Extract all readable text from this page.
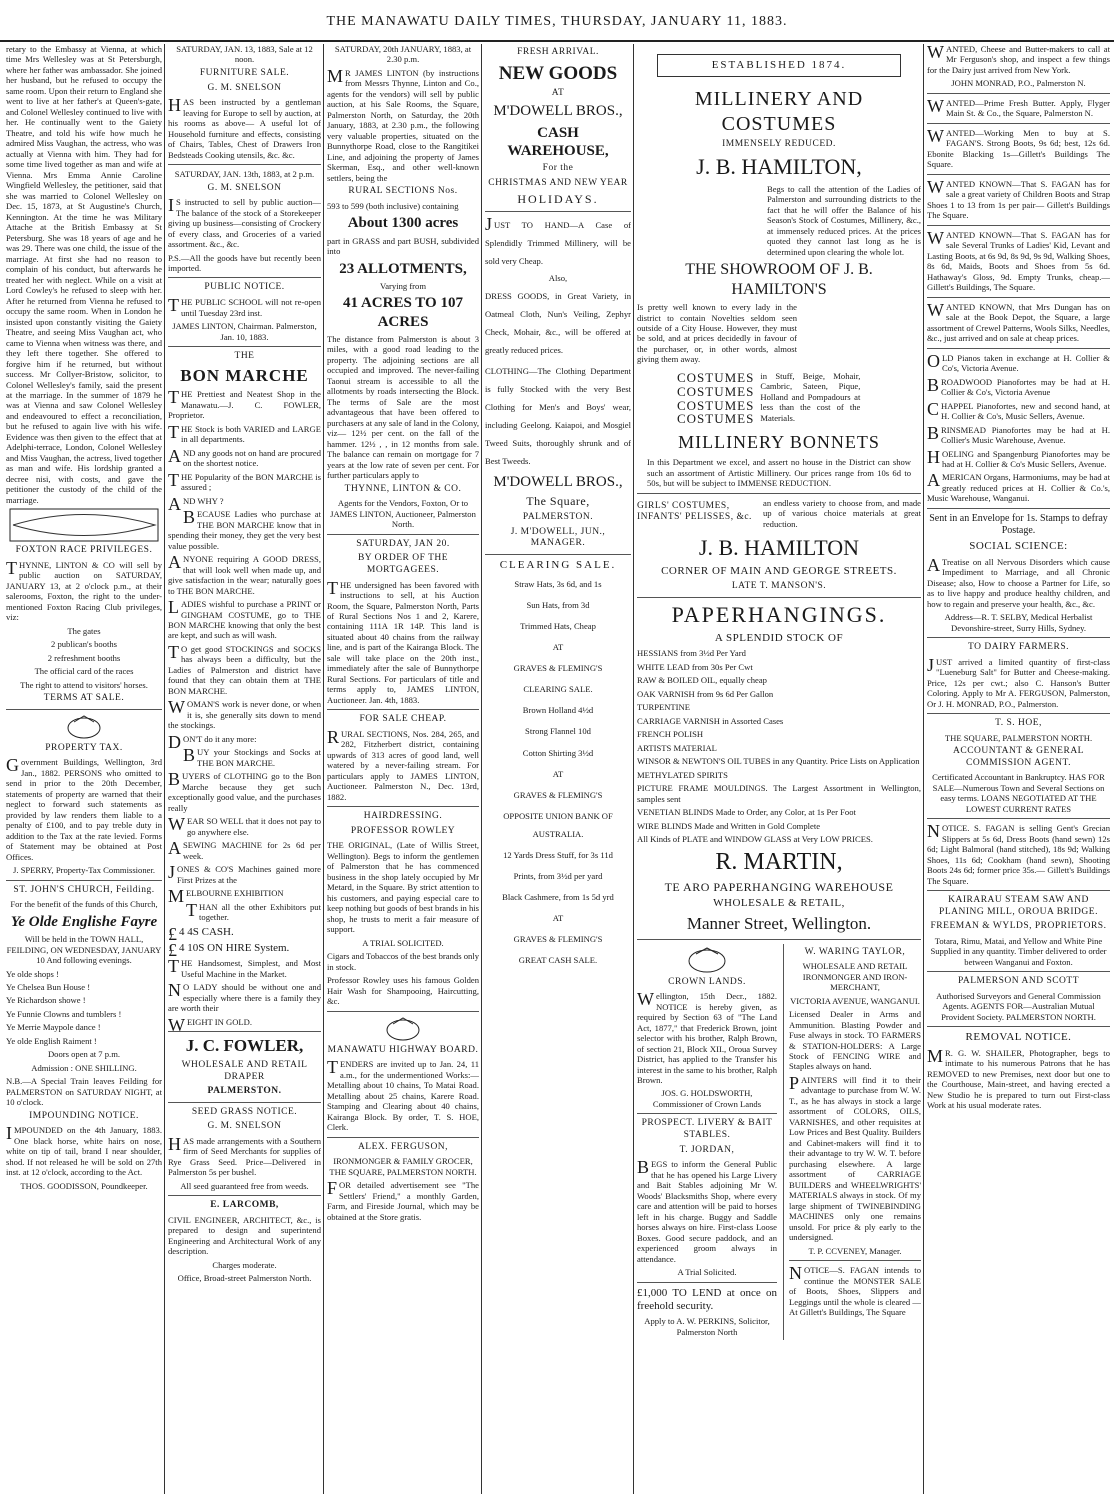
THE MANAWATU DAILY TIMES, THURSDAY, JANUARY 11, 1883.

retary to the Embassy at Vienna, at which time Mrs Wellesley was at St Petersburgh, where her father was ambassador. She joined her husband, but he refused to occupy the same room. Upon their return to England she went to live at her father's at Queen's-gate, and Colonel Wellesley continued to live with her. He continually went to the Gaiety Theatre, and told his wife how much he admired Miss Vaughan, the actress, who was actually at Vienna with him. They had for some time lived together as man and wife at Vienna. Mrs Emma Annie Caroline Wingfield Wellesley, the petitioner, said that she was married to Colonel Wellesley on Dec. 15, 1873, at St Augustine's Church, Kennington. At the time he was Military Attache at the British Embassy at St Petersburg. She was 18 years of age and he was 29. There was one child, the issue of the marriage. At first she had no reason to complain of his conduct, but afterwards he treated her with neglect. While on a visit at Lord Cowley's he refused to sleep with her. After he returned from Vienna he refused to occupy the same room. When in London he insisted upon constantly visiting the Gaiety Theatre, and seeing Miss Vaughan act, who came to Vienna when witness was there, and they left there together. She offered to forgive him if he returned, but without success. Mr Collyer-Bristow, solicitor, to Colonel Wellesley's family, said the present at the marriage. In the summer of 1879 he was at Vienna and saw Colonel Wellesley and endeavoured to effect a reconciliation, but he refused to again live with his wife. Evidence was then given to the effect that at Adelphi-terrace, London, Colonel Wellesley and Miss Vaughan, the actress, lived together as man and wife. His lordship granted a decree nisi, with costs, and gave the petitioner the custody of the child of the marriage.

FOXTON RACE PRIVILEGES.

THYNNE, LINTON & CO will sell by public auction on SATURDAY, JANUARY 13, at 2 o'clock p.m., at their salerooms, Foxton, the right to the under-mentioned Foxton Racing Club privileges, viz:

The gates

2 publican's booths

2 refreshment booths

The official card of the races

The right to attend to visitors' horses.

TERMS AT SALE.
PROPERTY TAX.

Government Buildings, Wellington, 3rd Jan., 1882. PERSONS who omitted to send in prior to the 20th December, statements of property are warned that their neglect to forward such statements as provided by law renders them liable to a penalty of £100, and to pay treble duty in addition to the Tax at the rate levied. Forms of Statement may be obtained at Post Offices.

J. SPERRY, Property-Tax Commissioner.

ST. JOHN'S CHURCH, Feilding.

For the benefit of the funds of this Church,

Ye Olde Englishe Fayre

Will be held in the TOWN HALL, FEILDING, ON WEDNESDAY, JANUARY 10 And following evenings.

Ye olde shops !

Ye Chelsea Bun House !

Ye Richardson showe !

Ye Funnie Clowns and tumblers !

Ye Merrie Maypole dance !

Ye olde English Raiment !

Doors open at 7 p.m.

Admission : ONE SHILLING.

N.B.—A Special Train leaves Feilding for PALMERSTON on SATURDAY NIGHT, at 10 o'clock.

IMPOUNDING NOTICE.

IMPOUNDED on the 4th January, 1883. One black horse, white hairs on nose, white on tip of tail, brand I near shoulder, shod. If not released he will be sold on 27th inst. at 12 o'clock, according to the Act.

THOS. GOODISSON, Poundkeeper.

SATURDAY, JAN. 13, 1883, Sale at 12 noon.

FURNITURE SALE.
G. M. SNELSON

HAS been instructed by a gentleman leaving for Europe to sell by auction, at his rooms as above— A useful lot of Household furniture and effects, consisting of Chairs, Tables, Chest of Drawers Iron Bedsteads Cooking utensils, &c. &c.

SATURDAY, JAN. 13th, 1883, at 2 p.m.

G. M. SNELSON

IS instructed to sell by public auction— The balance of the stock of a Storekeeper giving up business—consisting of Crockery of every class, and Groceries of a varied assortment. &c., &c.

P.S.—All the goods have but recently been imported.

PUBLIC NOTICE.

THE PUBLIC SCHOOL will not re-open until Tuesday 23rd inst.

JAMES LINTON, Chairman. Palmerston, Jan. 10, 1883.

THE
BON MARCHE

THE Prettiest and Neatest Shop in the Manawatu.—J. C. FOWLER, Proprietor.

THE Stock is both VARIED and LARGE in all departments.

AND any goods not on hand are procured on the shortest notice.

THE Popularity of the BON MARCHE is assured ;

AND WHY ?

BECAUSE Ladies who purchase at THE BON MARCHE know that in spending their money, they get the very best value possible.

ANYONE requiring A GOOD DRESS, that will look well when made up, and give satisfaction in the wear; naturally goes to THE BON MARCHE.

LADIES wishful to purchase a PRINT or GINGHAM COSTUME, go to THE BON MARCHE knowing that only the best are kept, and such as will wash.

TO get good STOCKINGS and SOCKS has always been a difficulty, but the Ladies of Palmerston and district have found that they can obtain them at THE BON MARCHE.

WOMAN'S work is never done, or when it is, she generally sits down to mend the stockings.

DON'T do it any more:

BUY your Stockings and Socks at THE BON MARCHE.

BUYERS of CLOTHING go to the Bon Marche because they get such exceptionally good value, and the purchases really

WEAR SO WELL that it does not pay to go anywhere else.

ASEWING MACHINE for 2s 6d per week.

JONES & CO'S Machines gained more First Prizes at the

MELBOURNE EXHIBITION

THAN all the other Exhibitors put together.

£4 4S CASH.

£4 10S ON HIRE System.

THE Handsomest, Simplest, and Most Useful Machine in the Market.

NO LADY should be without one and especially where there is a family they are worth their

WEIGHT IN GOLD.

J. C. FOWLER,
WHOLESALE AND RETAIL DRAPER
PALMERSTON.
SEED GRASS NOTICE.
G. M. SNELSON

HAS made arrangements with a Southern firm of Seed Merchants for supplies of Rye Grass Seed. Price—Delivered in Palmerston 5s per bushel.

All seed guaranteed free from weeds.

E. LARCOMB,

CIVIL ENGINEER, ARCHITECT, &c., is prepared to design and superintend Engineering and Architectural Work of any description.

Charges moderate.

Office, Broad-street Palmerston North.

SATURDAY, 20th JANUARY, 1883, at 2.30 p.m.

MR JAMES LINTON (by instructions from Messrs Thynne, Linton and Co., agents for the vendors) will sell by public auction, at his Sale Rooms, the Square, Palmerston North, on Saturday, the 20th January, 1883, at 2.30 p.m., the following very valuable properties, situated on the Bunnythorpe Road, close to the Rangitikei Line, and adjoining the property of James Skerman, Esq., and other well-known settlers, being the

RURAL SECTIONS Nos.

593 to 599 (both inclusive) containing

About 1300 acres

part in GRASS and part BUSH, subdivided into

23 ALLOTMENTS,

Varying from

41 ACRES TO 107 ACRES

The distance from Palmerston is about 3 miles, with a good road leading to the property. The adjoining sections are all occupied and improved. The never-failing Taonui stream is accessible to all the allotments by roads intersecting the Block. The terms of Sale are the most advantageous that have been offered to purchasers at any sale of land in the Colony, viz— 12½ per cent. on the fall of the hammer. 12½ , , in 12 months from sale. The balance can remain on mortgage for 7 years at the low rate of seven per cent. For further particulars apply to

THYNNE, LINTON & CO.

Agents for the Vendors, Foxton, Or to JAMES LINTON, Auctioneer, Palmerston North.

SATURDAY, JAN 20.
BY ORDER OF THE MORTGAGEES.

THE undersigned has been favored with instructions to sell, at his Auction Room, the Square, Palmerston North, Parts of Rural Sections Nos 1 and 2, Karere, containing 111A 1R 14P. This land is situated about 40 chains from the railway line, and is part of the Kairanga Block. The sale will take place on the 20th inst., immediately after the sale of Bunnythorpe Rural Sections. For particulars of title and terms apply to, JAMES LINTON, Auctioneer. Jan. 4th, 1883.

FOR SALE CHEAP.

RURAL SECTIONS, Nos. 284, 265, and 282, Fitzherbert district, containing upwards of 313 acres of good land, well watered by a never-failing stream. For particulars apply to JAMES LINTON, Auctioneer. Palmerston N., Dec. 13rd, 1882.

HAIRDRESSING.
PROFESSOR ROWLEY

THE ORIGINAL, (Late of Willis Street, Wellington). Begs to inform the gentlemen of Palmerston that he has commenced business in the shop lately occupied by Mr Metard, in the Square. By strict attention to his customers, and paying especial care to keep nothing but goods of best brands in his shop, he trusts to merit a fair measure of support.

A TRIAL SOLICITED.

Cigars and Tobaccos of the best brands only in stock.

Professor Rowley uses his famous Golden Hair Wash for Shampooing, Haircutting, &c.

MANAWATU HIGHWAY BOARD.

TENDERS are invited up to Jan. 24, 11 a.m., for the undermentioned Works:— Metalling about 10 chains, To Matai Road. Metalling about 25 chains, Karere Road. Stamping and Clearing about 40 chains, Kairanga Block. By order, T. S. HOE, Clerk.

ALEX. FERGUSON,

IRONMONGER & FAMILY GROCER, THE SQUARE, PALMERSTON NORTH.

FOR detailed advertisement see "The Settlers' Friend," a monthly Garden, Farm, and Fireside Journal, which may be obtained at the Store gratis.

FRESH ARRIVAL.
NEW GOODS
AT
M'DOWELL BROS.,
CASH WAREHOUSE,
For the
CHRISTMAS AND NEW YEAR
HOLIDAYS.

JUST TO HAND—A Case of Splendidly Trimmed Millinery, will be sold very Cheap.

Also,

DRESS GOODS, in Great Variety, in Oatmeal Cloth, Nun's Veiling, Zephyr Check, Mohair, &c., will be offered at greatly reduced prices.

CLOTHING—The Clothing Department is fully Stocked with the very Best Clothing for Men's and Boys' wear, including Geelong. Kaiapoi, and Mosgiel Tweed Suits, thoroughly shrunk and of Best Tweeds.

M'DOWELL BROS.,
The Square,
PALMERSTON.
J. M'DOWELL, JUN., MANAGER.
CLEARING SALE.

Straw Hats, 3s 6d, and 1s

Sun Hats, from 3d

Trimmed Hats, Cheap

AT

GRAVES & FLEMING'S

CLEARING SALE.

Brown Holland 4½d

Strong Flannel 10d

Cotton Shirting 3½d

AT

GRAVES & FLEMING'S

OPPOSITE UNION BANK OF AUSTRALIA.

12 Yards Dress Stuff, for 3s 11d

Prints, from 3½d per yard

Black Cashmere, from 1s 5d yrd

AT

GRAVES & FLEMING'S

GREAT CASH SALE.

ESTABLISHED 1874.
MILLINERY AND COSTUMES
IMMENSELY REDUCED.
J. B. HAMILTON,

Begs to call the attention of the Ladies of Palmerston and surrounding districts to the fact that he will offer the Balance of his Season's Stock of Costumes, Millinery, &c., at immensely reduced prices. At the prices quoted they cannot last long as he is determined upon clearing the whole lot.

THE SHOWROOM OF J. B. HAMILTON'S

Is pretty well known to every lady in the district to contain Novelties seldom seen outside of a City House. However, they must be sold, and at prices decidedly in favour of the purchaser, or, in other words, almost giving them away.

COSTUMES
COSTUMES
COSTUMES
COSTUMES

in Stuff, Beige, Mohair, Cambric, Sateen, Pique, Holland and Pompadours at less than the cost of the Materials.

MILLINERY BONNETS

In this Department we excel, and assert no house in the District can show such an assortment of Artistic Millinery. Our prices range from 10s 6d to 50s, but will be subject to IMMENSE REDUCTION.

GIRLS' COSTUMES, INFANTS' PELISSES, &c.

an endless variety to choose from, and made up of various choice materials at great reduction.

J. B. HAMILTON
CORNER OF MAIN AND GEORGE STREETS.
LATE T. MANSON'S.
PAPERHANGINGS.
A SPLENDID STOCK OF

HESSIANS from 3½d Per Yard

WHITE LEAD from 30s Per Cwt

RAW & BOILED OIL, equally cheap

OAK VARNISH from 9s 6d Per Gallon

TURPENTINE

CARRIAGE VARNISH in Assorted Cases

FRENCH POLISH

ARTISTS MATERIAL

WINSOR & NEWTON'S OIL TUBES in any Quantity. Price Lists on Application

METHYLATED SPIRITS

PICTURE FRAME MOULDINGS. The Largest Assortment in Wellington, samples sent

VENETIAN BLINDS Made to Order, any Color, at 1s Per Foot

WIRE BLINDS Made and Written in Gold Complete

All Kinds of PLATE and WINDOW GLASS at Very LOW PRICES.

R. MARTIN,
TE ARO PAPERHANGING WAREHOUSE
WHOLESALE & RETAIL,
Manner Street, Wellington.
CROWN LANDS.

Wellington, 15th Decr., 1882. NOTICE is hereby given, as required by Section 63 of "The Land Act, 1877," that Frederick Brown, joint selector with his brother, Ralph Brown, of section 21, Block XII., Oroua Survey District, has applied to the Transfer his interest in the same to his brother, Ralph Brown.

JOS. G. HOLDSWORTH, Commissioner of Crown Lands

PROSPECT. LIVERY & BAIT STABLES.
T. JORDAN,

BEGS to inform the General Public that he has opened his Large Livery and Bait Stables adjoining Mr W. Woods' Blacksmiths Shop, where every care and attention will be paid to horses left in his charge. Buggy and Saddle horses always on hire. First-class Loose Boxes. Good secure paddock, and an experienced groom always in attendance.

A Trial Solicited.

£1,000 TO LEND at once on freehold security.

Apply to A. W. PERKINS, Solicitor, Palmerston North

W. WARING TAYLOR,

WHOLESALE AND RETAIL IRONMONGER AND IRON-MERCHANT,

VICTORIA AVENUE, WANGANUI.

Licensed Dealer in Arms and Ammunition. Blasting Powder and Fuse always in stock. TO FARMERS & STATION-HOLDERS: A Large Stock of FENCING WIRE and Staples always on hand.

PAINTERS will find it to their advantage to purchase from W. W. T., as he has always in stock a large assortment of COLORS, OILS, VARNISHES, and other requisites at Low Prices and Best Quality. Builders and Cabinet-makers will find it to their advantage to try W. W. T. before purchasing elsewhere. A large assortment of CARRIAGE BUILDERS and WHEELWRIGHTS' MATERIALS always in stock. Of my large shipment of TWINEBINDING MACHINES only one remains unsold. For price & ply early to the undersigned.

T. P. CCVENEY, Manager.

NOTICE—S. FAGAN intends to continue the MONSTER SALE of Boots, Shoes, Slippers and Leggings until the whole is cleared —At Gillett's Buildings, The Square

WANTED, Cheese and Butter-makers to call at Mr Ferguson's shop, and inspect a few things for the Dairy just arrived from New York.

JOHN MONRAD, P.O., Palmerston N.

WANTED—Prime Fresh Butter. Apply, Flyger Main St. & Co., the Square, Palmerston N.

WANTED—Working Men to buy at S. FAGAN'S. Strong Boots, 9s 6d; best, 12s 6d. Ebonite Blacking 1s—Gillett's Buildings The Square.

WANTED KNOWN—That S. FAGAN has for sale a great variety of Children Boots and Strap Shoes 1 to 13 from 1s per pair— Gillett's Buildings The Square.

WANTED KNOWN—That S. FAGAN has for sale Several Trunks of Ladies' Kid, Levant and Lasting Boots, at 6s 9d, 8s 9d, 9s 9d, Walking Shoes, 8s 6d, Maids, Boots and Shoes from 5s 6d. Hathaway's Gloss, 9d. Empty Trunks, cheap.— Gillett's Buildings, The Square.

WANTED KNOWN, that Mrs Dungan has on sale at the Book Depot, the Square, a large assortment of Crewel Patterns, Wools Silks, Needles, &c., just arrived and on sale at cheap prices.

OLD Pianos taken in exchange at H. Collier & Co's, Victoria Avenue.

BROADWOOD Pianofortes may be had at H. Collier & Co's, Victoria Avenue

CHAPPEL Pianofortes, new and second hand, at H. Collier & Co's, Music Sellers, Avenue.

BRINSMEAD Pianofortes may be had at H. Collier's Music Warehouse, Avenue.

HOELING and Spangenburg Pianofortes may be had at H. Collier & Co's Music Sellers, Avenue.

AMERICAN Organs, Harmoniums, may be had at greatly reduced prices at H. Collier & Co.'s, Music Warehouse, Wanganui.

Sent in an Envelope for 1s. Stamps to defray Postage.

SOCIAL SCIENCE:

ATreatise on all Nervous Disorders which cause Impediment to Marriage, and all Chronic Disease; also, How to choose a Partner for Life, so as to live happy and produce healthy children, and how to regain and preserve your health, &c., &c.

Address—R. T. SELBY, Medical Herbalist Devonshire-street, Surry Hills, Sydney.

TO DAIRY FARMERS.

JUST arrived a limited quantity of first-class "Lueneburg Salt" for Butter and Cheese-making. Price, 12s per cwt.; also C. Hanson's Butter Coloring. Apply to Mr A. FERGUSON, Palmerston, Or J. H. MONRAD, P.O., Palmerston.

T. S. HOE,

THE SQUARE, PALMERSTON NORTH.

ACCOUNTANT & GENERAL COMMISSION AGENT.

Certificated Accountant in Bankruptcy. HAS FOR SALE—Numerous Town and Several Sections on easy terms. LOANS NEGOTIATED AT THE LOWEST CURRENT RATES

NOTICE. S. FAGAN is selling Gent's Grecian Slippers at 5s 6d, Dress Boots (hand sewn) 12s 6d; Light Balmoral (hand stitched), 18s 9d; Walking Shoes, 11s 6d; Cookham (hand sewn), Shooting Boots 24s 6d; former price 35s.— Gillett's Buildings The Square.

KAIRARAU STEAM SAW AND PLANING MILL, OROUA BRIDGE.
FREEMAN & WYLDS, PROPRIETORS.

Totara, Rimu, Matai, and Yellow and White Pine Supplied in any quantity. Timber delivered to order between Wanganui and Foxton.

PALMERSON AND SCOTT

Authorised Surveyors and General Commission Agents. AGENTS FOR—Australian Mutual Provident Society. PALMERSTON NORTH.

REMOVAL NOTICE.

MR. G. W. SHAILER, Photographer, begs to intimate to his numerous Patrons that he has REMOVED to new Premises, next door but one to the Courthouse, Main-street, and having erected a New Studio he is prepared to turn out First-class Work at his usual moderate rates.
